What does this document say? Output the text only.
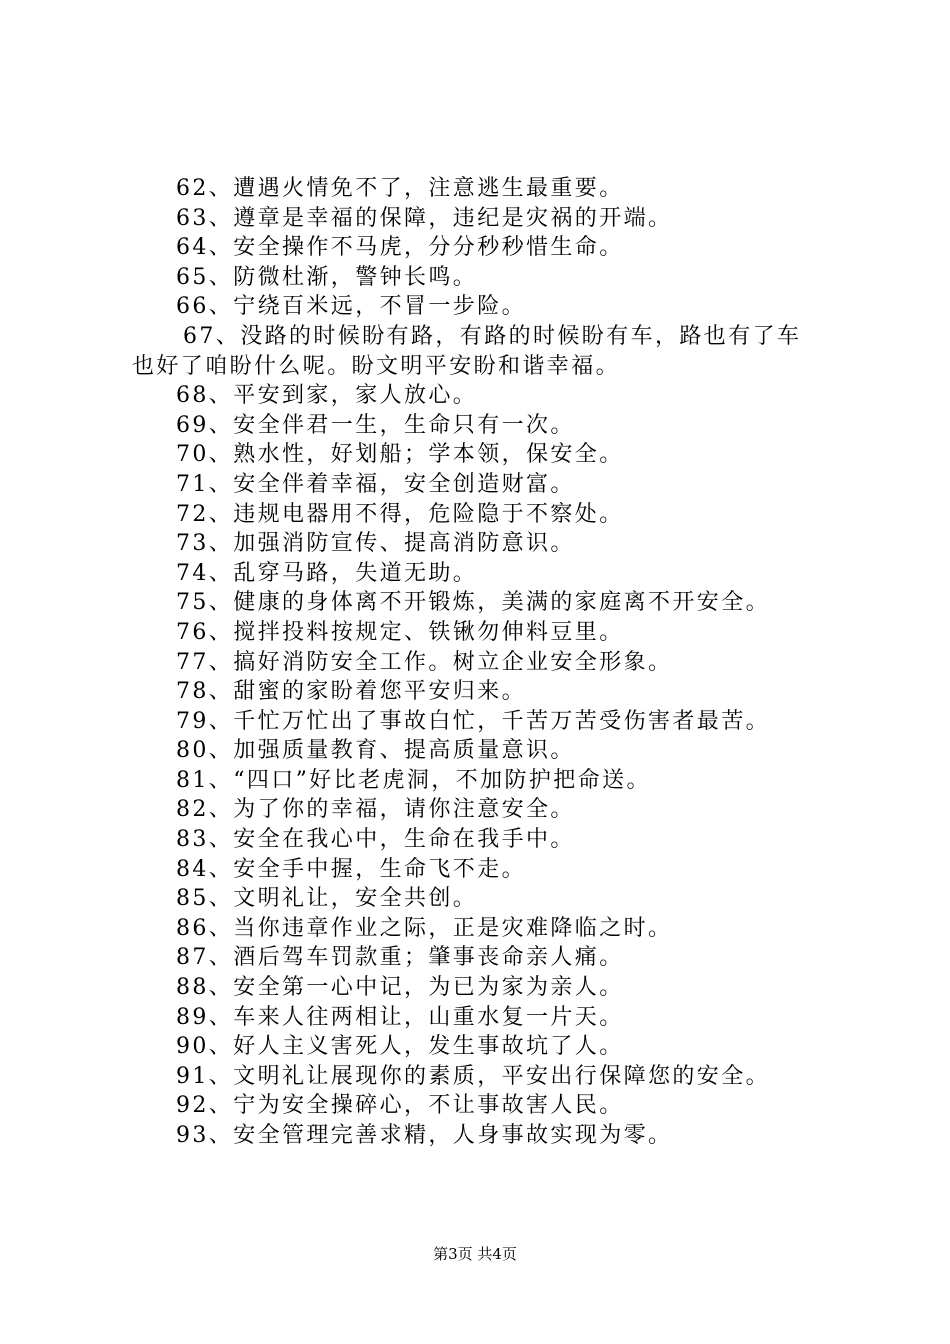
62、遭遇火情免不了，注意逃生最重要。
63、遵章是幸福的保障，违纪是灾祸的开端。
64、安全操作不马虎，分分秒秒惜生命。
65、防微杜渐，警钟长鸣。
66、宁绕百米远，不冒一步险。
67、没路的时候盼有路，有路的时候盼有车，路也有了车
也好了咱盼什么呢。盼文明平安盼和谐幸福。
68、平安到家，家人放心。
69、安全伴君一生，生命只有一次。
70、熟水性，好划船；学本领，保安全。
71、安全伴着幸福，安全创造财富。
72、违规电器用不得，危险隐于不察处。
73、加强消防宣传、提高消防意识。
74、乱穿马路，失道无助。
75、健康的身体离不开锻炼，美满的家庭离不开安全。
76、搅拌投料按规定、铁锹勿伸料豆里。
77、搞好消防安全工作。树立企业安全形象。
78、甜蜜的家盼着您平安归来。
79、千忙万忙出了事故白忙，千苦万苦受伤害者最苦。
80、加强质量教育、提高质量意识。
81、“四口”好比老虎洞，不加防护把命送。
82、为了你的幸福，请你注意安全。
83、安全在我心中，生命在我手中。
84、安全手中握，生命飞不走。
85、文明礼让，安全共创。
86、当你违章作业之际，正是灾难降临之时。
87、酒后驾车罚款重；肇事丧命亲人痛。
88、安全第一心中记，为已为家为亲人。
89、车来人往两相让，山重水复一片天。
90、好人主义害死人，发生事故坑了人。
91、文明礼让展现你的素质，平安出行保障您的安全。
92、宁为安全操碎心，不让事故害人民。
93、安全管理完善求精，人身事故实现为零。
第3页 共4页
